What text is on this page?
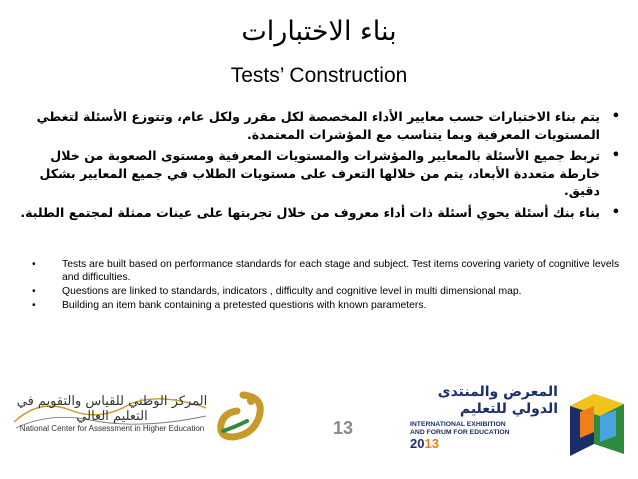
بناء الاختبارات
Tests’ Construction
•
يتم بناء الاختبارات حسب معايير الأداء المخصصة لكل مقرر ولكل عام، وتتوزع الأسئلة لتغطي المستويات المعرفية وبما يتناسب مع المؤشرات المعتمدة.
•
تربط جميع الأسئلة بالمعايير والمؤشرات والمستويات المعرفية ومستوى الصعوبة من خلال خارطة متعددة الأبعاد، يتم من خلالها التعرف على مستويات الطلاب في جميع المعايير بشكل دقيق.
•
بناء بنك أسئلة يحوي أسئلة ذات أداء معروف من خلال تجربتها على عينات ممثلة لمجتمع الطلبة.
•	Tests are built based on performance standards for each stage and subject. Test items covering variety of cognitive levels and difficulties.
•	Questions are linked to standards, indicators , difficulty and cognitive level in multi dimensional map.
•	Building an item bank containing a pretested questions with known parameters.
المركز الوطني للقياس والتقويم في التعليم العالي
National Center for Assessment in Higher Education	13
المعرض والمنتدى
الدولي للتعليم
INTERNATIONAL EXHIBITION
AND FORUM FOR EDUCATION
2013
